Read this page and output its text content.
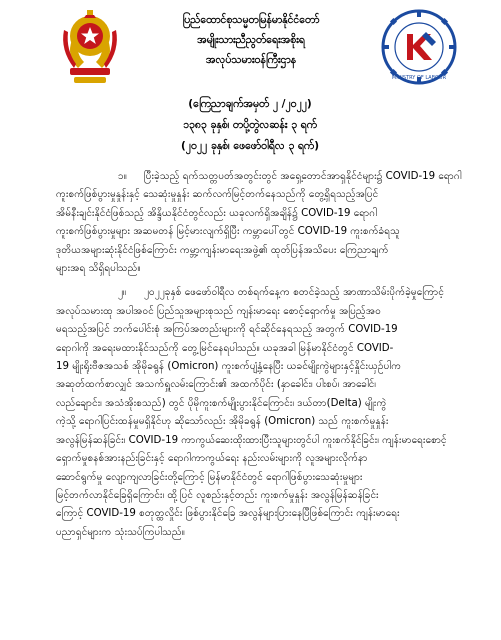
MINISTRY OF LABOUR
ပြည်ထောင်စုသမ္မတမြန်မာနိုင်ငံတော်
အမျိုးသားညီညွတ်ရေးအစိုးရ
အလုပ်သမားဝန်ကြီးဌာန
(ကြေညာချက်အမှတ် ၂ /၂၀၂၂)
၁၃၈၃ ခုနှစ်၊ တပို့တွဲလဆန်း ၃ ရက်
(၂၀၂၂ ခုနှစ်၊ ဖေဖော်ဝါရီလ ၃ ရက်)
၁။ ပြီးခဲ့သည့် ရက်သတ္တပတ်အတွင်းတွင် အရှေ့တောင်အာရှနိုင်ငံများ၌ COVID-19 ရောဂါ
ကူးစက်ဖြစ်ပွားမှုနှုန်းနှင့် သေဆုံးမှုနှုန်း ဆက်လက်မြင့်တက်နေသည်ကို တွေ့ရှိရသည့်အပြင်
အိမ်နီးချင်းနိုင်ငံဖြစ်သည့် အိန္ဒိယနိုင်ငံတွင်လည်း ယခုလက်ရှိအချိန်၌ COVID-19 ရောဂါ
ကူးစက်ဖြစ်ပွားမှုများ အဆမတန် မြင့်မားလျက်ရှိပြီး ကမ္ဘာပေါ်တွင် COVID-19 ကူးစက်ခံရသူ
ဒုတိယအများဆုံးနိုင်ငံဖြစ်ကြောင်း ကမ္ဘာ့ကျန်းမာရေးအဖွဲ့၏ ထုတ်ပြန်အသိပေး ကြေညာချက်
များအရ သိရှိရပါသည်။
၂။ ၂၀၂၂ခုနှစ် ဖေဖော်ဝါရီလ တစ်ရက်နေ့က စတင်ခဲ့သည့် အာဏာသိမ်းပိုက်ခဲ့မှုကြောင့်
အလုပ်သမားထု အပါအဝင် ပြည်သူအများစုသည် ကျန်းမာရေး စောင့်ရှောက်မှု အပြည့်အဝ
မရသည့်အပြင် ဘက်ပေါင်းစုံ အကြပ်အတည်းများကို ရင်ဆိုင်နေရသည့် အတွက် COVID-19
ရောဂါကို အရေးမထားနိုင်သည်ကို တွေ့မြင်နေရပါသည်။ ယခုအခါ မြန်မာနိုင်ငံတွင် COVID-
19 မျိုးရိုးဗီဇအသစ် အိုမိုခရွန် (Omicron) ကူးစက်ပျံ့နှံ့နေပြီး ယခင်မျိုးကွဲများနှင့်နှိုင်းယှဉ်ပါက
အဆုတ်ထက်စာလျှင် အသက်ရှူလမ်းကြောင်း၏ အထက်ပိုင်း (နှာခေါင်း၊ ပါးစပ်၊ အာခေါင်၊
လည်ချောင်း၊ အသံအိုးစသည်) တွင် ပိုမိုကူးစက်မျိုးပွားနိုင်ကြောင်း၊ ဒယ်တာ(Delta) မျိုးကွဲ
ကဲ့သို့ ရောဂါပြင်းထန်မှုမရှိနိုင်ဟု ဆိုသော်လည်း အိုမိုခရွန် (Omicron) သည် ကူးစက်မှုနှုန်း
အလွန်မြန်ဆန်ခြင်း၊ COVID-19 ကာကွယ်ဆေးထိုးထားပြီးသူများတွင်ပါ ကူးစက်နိုင်ခြင်း၊ ကျန်းမာရေးစောင့်
ရှောက်မှုစနစ်အားနည်းခြင်းနှင့် ရောဂါကာကွယ်ရေး နည်းလမ်းများကို လူအများလိုက်နာ
ဆောင်ရွက်မှု လျော့ကျလာခြင်းတို့ကြောင့် မြန်မာနိုင်ငံတွင် ရောဂါဖြစ်ပွားသေဆုံးမှုများ
မြင့်တက်လာနိုင်ခြေရှိကြောင်း၊ ထို့ပြင် လူစည်းနှင့်တည်း ကူးစက်မှုနှုန်း အလွန်မြန်ဆန်ခြင်း
ကြောင့် COVID-19 စတုတ္ထလှိုင်း ဖြစ်ပွားနိုင်ခြေ အလွန်များပြားနေပြီဖြစ်ကြောင်း ကျန်းမာရေး
ပညာရှင်များက သုံးသပ်ကြပါသည်။
